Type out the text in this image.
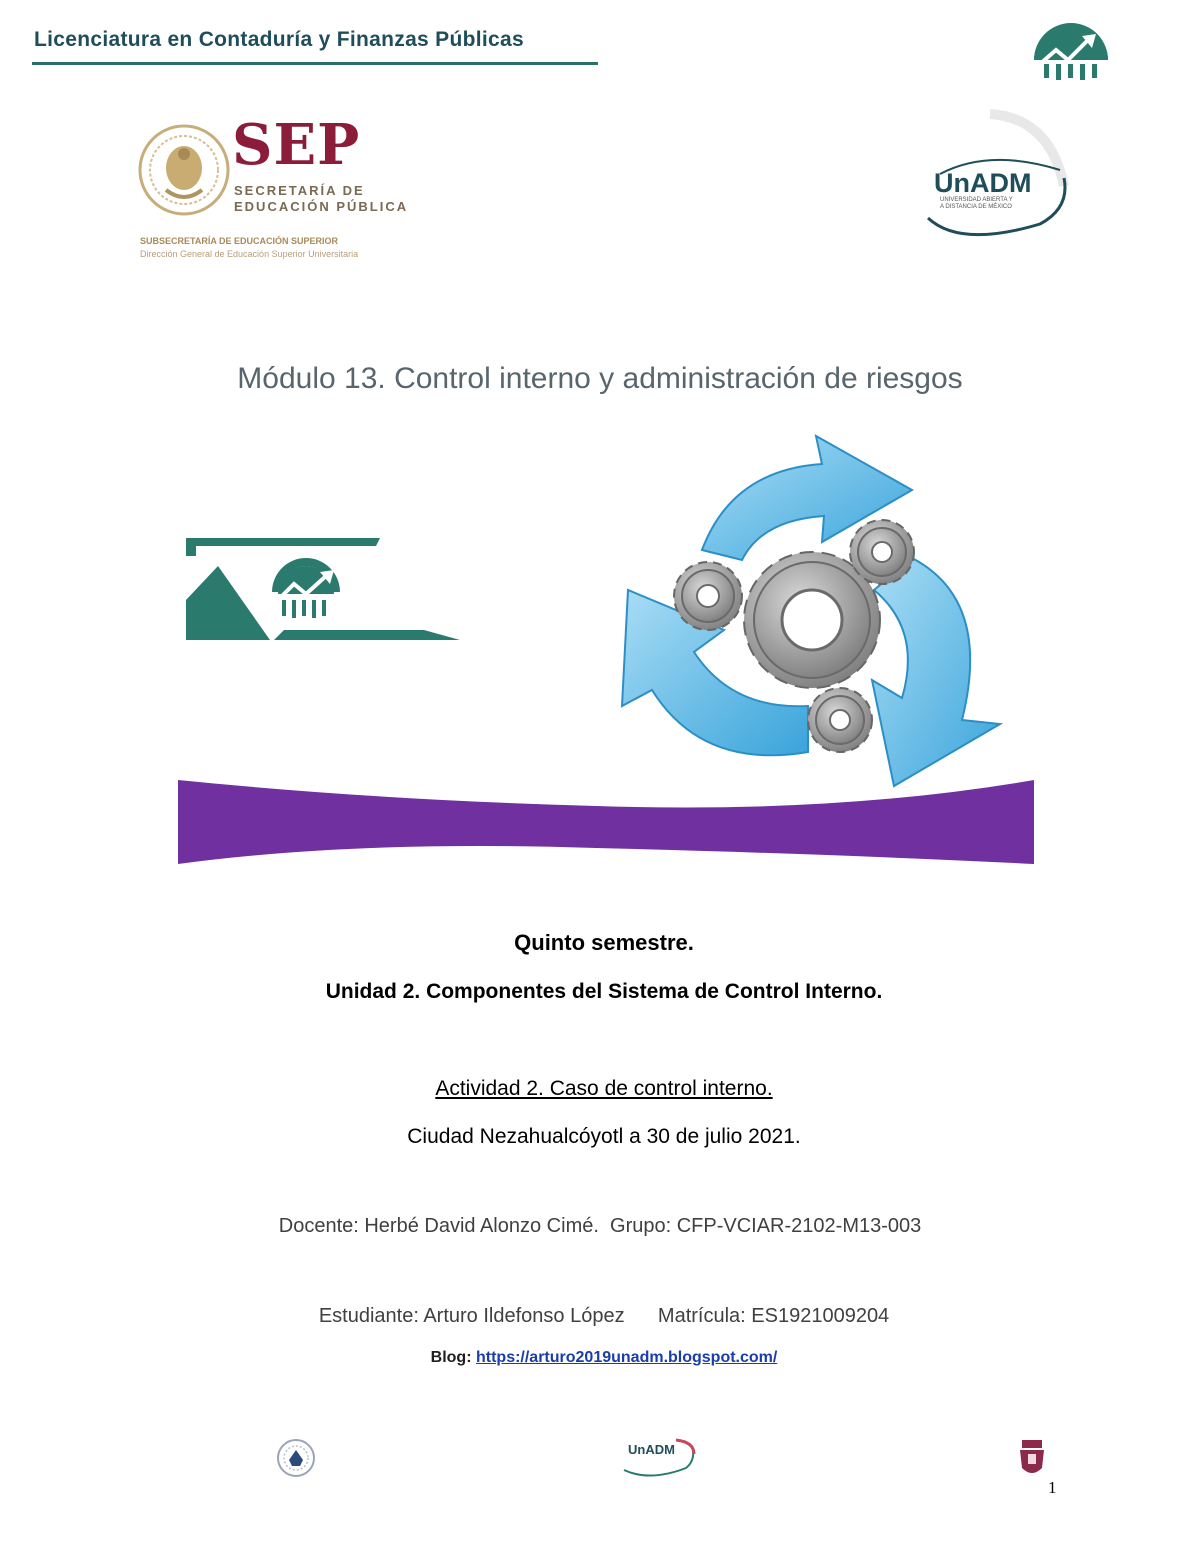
Licenciatura en Contaduría y Finanzas Públicas
SEP
SECRETARÍA DE
EDUCACIÓN PÚBLICA
SUBSECRETARÍA DE EDUCACIÓN SUPERIOR
Dirección General de Educación Superior Universitaria
UnADM
UNIVERSIDAD ABIERTA Y
A DISTANCIA DE MÉXICO
Módulo 13. Control interno y administración de riesgos
Quinto semestre.
Unidad 2. Componentes del Sistema de Control Interno.
Actividad 2. Caso de control interno.
Ciudad Nezahualcóyotl a 30 de julio 2021.
Docente: Herbé David Alonzo Cimé.  Grupo: CFP-VCIAR-2102-M13-003
Estudiante: Arturo Ildefonso López      Matrícula: ES1921009204
Blog: https://arturo2019unadm.blogspot.com/
UnADM
1
